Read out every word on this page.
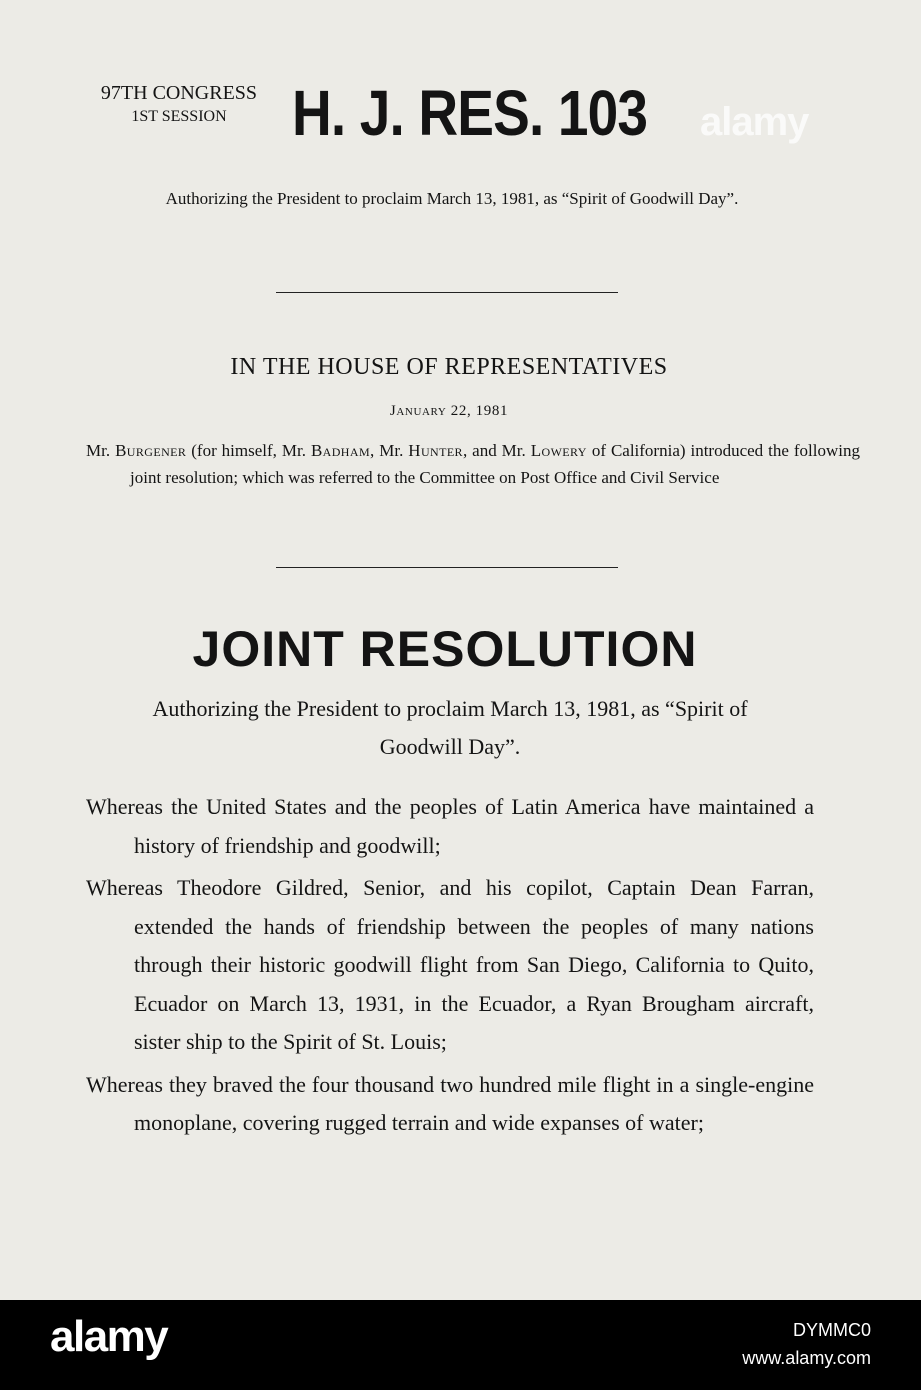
97TH CONGRESS
1ST SESSION	H. J. RES. 103 alamy
Authorizing the President to proclaim March 13, 1981, as “Spirit of Goodwill Day”.
IN THE HOUSE OF REPRESENTATIVES
January 22, 1981
Mr. Burgener (for himself, Mr. Badham, Mr. Hunter, and Mr. Lowery of California) introduced the following joint resolution; which was referred to the Committee on Post Office and Civil Service
JOINT RESOLUTION
Authorizing the President to proclaim March 13, 1981, as “Spirit of Goodwill Day”.
Whereas the United States and the peoples of Latin America have maintained a history of friendship and goodwill;
Whereas Theodore Gildred, Senior, and his copilot, Captain Dean Farran, extended the hands of friendship between the peoples of many nations through their historic goodwill flight from San Diego, California to Quito, Ecuador on March 13, 1931, in the Ecuador, a Ryan Brougham aircraft, sister ship to the Spirit of St. Louis;
Whereas they braved the four thousand two hundred mile flight in a single-engine monoplane, covering rugged terrain and wide expanses of water;
alamy	DYMMC0
www.alamy.com
